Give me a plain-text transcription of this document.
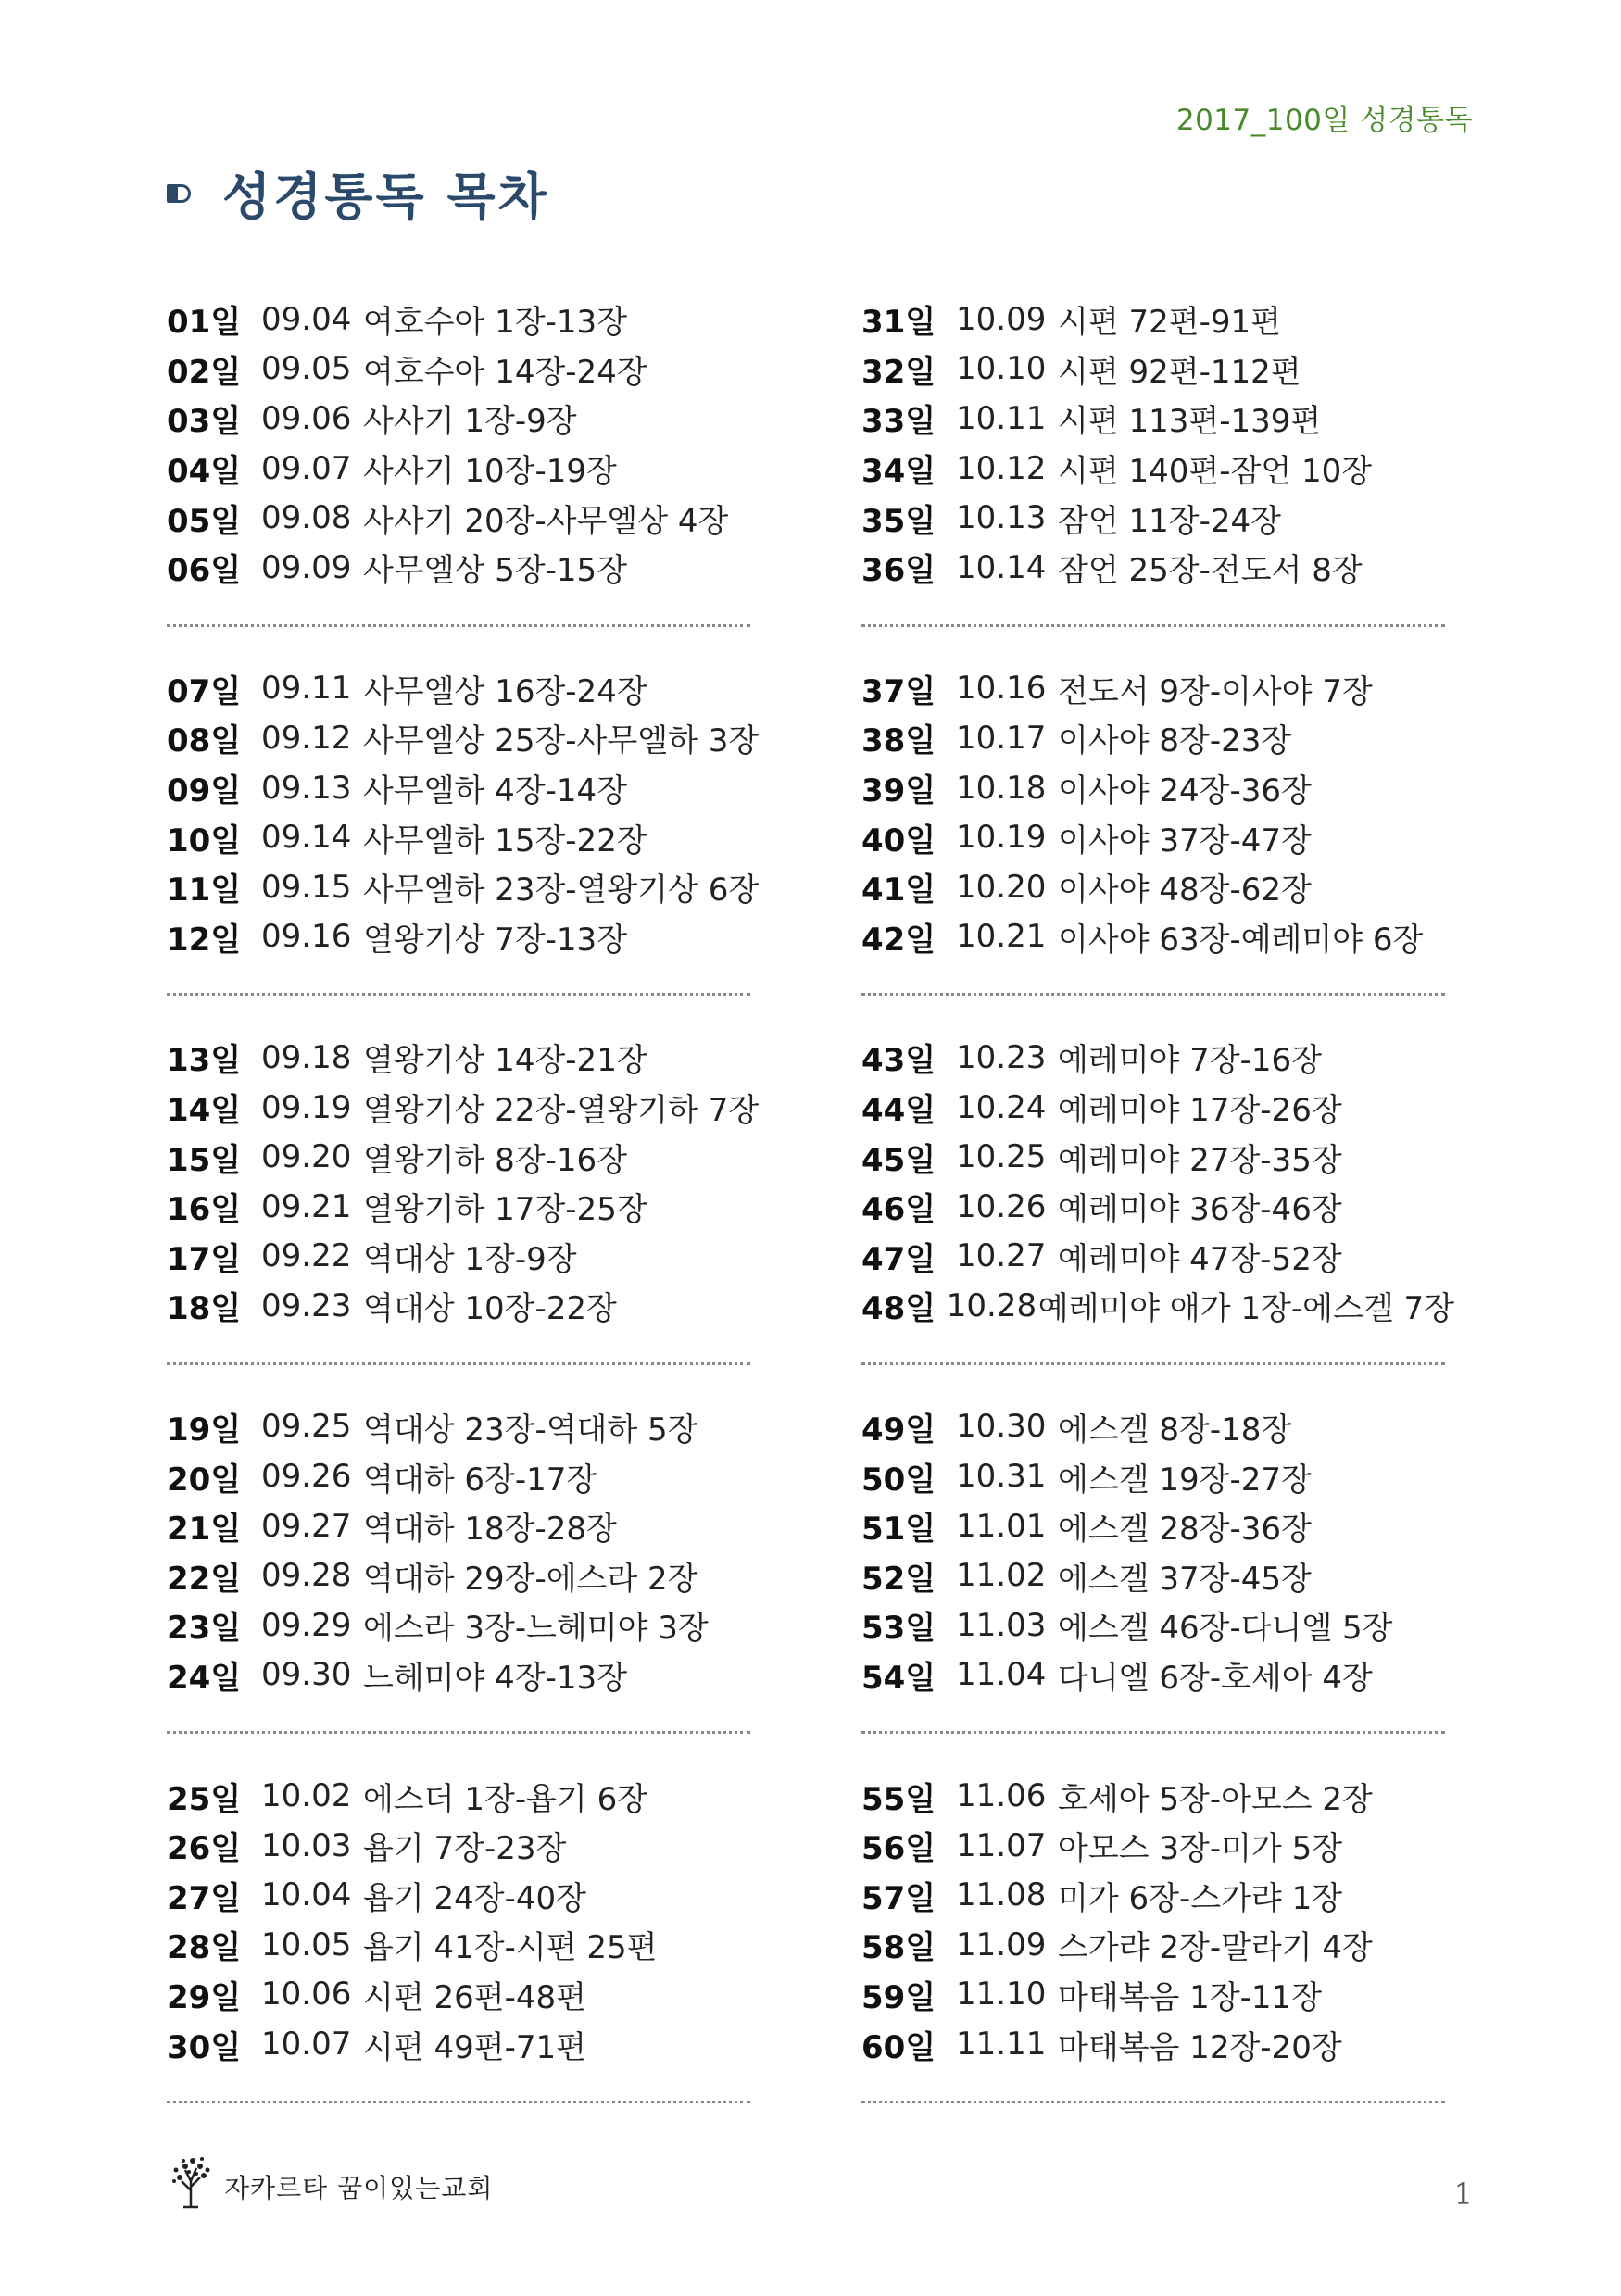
2017_100일 성경통독
성경통독 목차
01일 09.04 여호수아 1장-13장
02일 09.05 여호수아 14장-24장
03일 09.06 사사기 1장-9장
04일 09.07 사사기 10장-19장
05일 09.08 사사기 20장-사무엘상 4장
06일 09.09 사무엘상 5장-15장
07일 09.11 사무엘상 16장-24장
08일 09.12 사무엘상 25장-사무엘하 3장
09일 09.13 사무엘하 4장-14장
10일 09.14 사무엘하 15장-22장
11일 09.15 사무엘하 23장-열왕기상 6장
12일 09.16 열왕기상 7장-13장
13일 09.18 열왕기상 14장-21장
14일 09.19 열왕기상 22장-열왕기하 7장
15일 09.20 열왕기하 8장-16장
16일 09.21 열왕기하 17장-25장
17일 09.22 역대상 1장-9장
18일 09.23 역대상 10장-22장
19일 09.25 역대상 23장-역대하 5장
20일 09.26 역대하 6장-17장
21일 09.27 역대하 18장-28장
22일 09.28 역대하 29장-에스라 2장
23일 09.29 에스라 3장-느헤미야 3장
24일 09.30 느헤미야 4장-13장
25일 10.02 에스더 1장-욥기 6장
26일 10.03 욥기 7장-23장
27일 10.04 욥기 24장-40장
28일 10.05 욥기 41장-시편 25편
29일 10.06 시편 26편-48편
30일 10.07 시편 49편-71편
31일 10.09 시편 72편-91편
32일 10.10 시편 92편-112편
33일 10.11 시편 113편-139편
34일 10.12 시편 140편-잠언 10장
35일 10.13 잠언 11장-24장
36일 10.14 잠언 25장-전도서 8장
37일 10.16 전도서 9장-이사야 7장
38일 10.17 이사야 8장-23장
39일 10.18 이사야 24장-36장
40일 10.19 이사야 37장-47장
41일 10.20 이사야 48장-62장
42일 10.21 이사야 63장-예레미야 6장
43일 10.23 예레미야 7장-16장
44일 10.24 예레미야 17장-26장
45일 10.25 예레미야 27장-35장
46일 10.26 예레미야 36장-46장
47일 10.27 예레미야 47장-52장
48일 10.28 예레미야 애가 1장-에스겔 7장
49일 10.30 에스겔 8장-18장
50일 10.31 에스겔 19장-27장
51일 11.01 에스겔 28장-36장
52일 11.02 에스겔 37장-45장
53일 11.03 에스겔 46장-다니엘 5장
54일 11.04 다니엘 6장-호세아 4장
55일 11.06 호세아 5장-아모스 2장
56일 11.07 아모스 3장-미가 5장
57일 11.08 미가 6장-스가랴 1장
58일 11.09 스가랴 2장-말라기 4장
59일 11.10 마태복음 1장-11장
60일 11.11 마태복음 12장-20장
자카르타 꿈이있는교회	1
